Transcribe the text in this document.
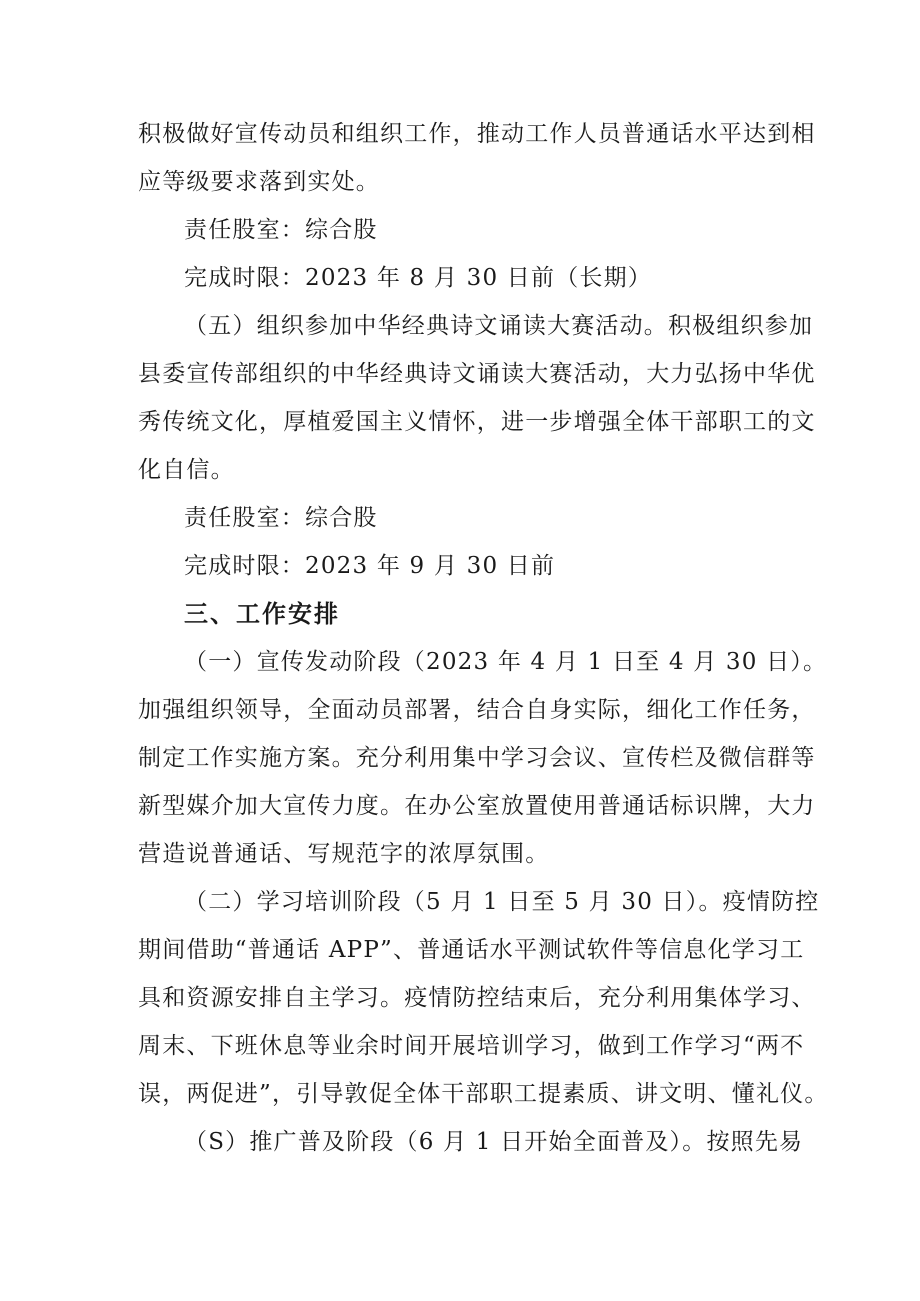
积极做好宣传动员和组织工作，推动工作人员普通话水平达到相
应等级要求落到实处。
责任股室：综合股
完成时限：2023 年 8 月 30 日前（长期）
（五）组织参加中华经典诗文诵读大赛活动。积极组织参加
县委宣传部组织的中华经典诗文诵读大赛活动，大力弘扬中华优
秀传统文化，厚植爱国主义情怀，进一步增强全体干部职工的文
化自信。
责任股室：综合股
完成时限：2023 年 9 月 30 日前
三、工作安排
（一）宣传发动阶段（2023 年 4 月 1 日至 4 月 30 日）。
加强组织领导，全面动员部署，结合自身实际，细化工作任务，
制定工作实施方案。充分利用集中学习会议、宣传栏及微信群等
新型媒介加大宣传力度。在办公室放置使用普通话标识牌，大力
营造说普通话、写规范字的浓厚氛围。
（二）学习培训阶段（5 月 1 日至 5 月 30 日）。疫情防控
期间借助“普通话 APP”、普通话水平测试软件等信息化学习工
具和资源安排自主学习。疫情防控结束后，充分利用集体学习、
周末、下班休息等业余时间开展培训学习，做到工作学习“两不
误，两促进”，引导敦促全体干部职工提素质、讲文明、懂礼仪。
（S）推广普及阶段（6 月 1 日开始全面普及）。按照先易
